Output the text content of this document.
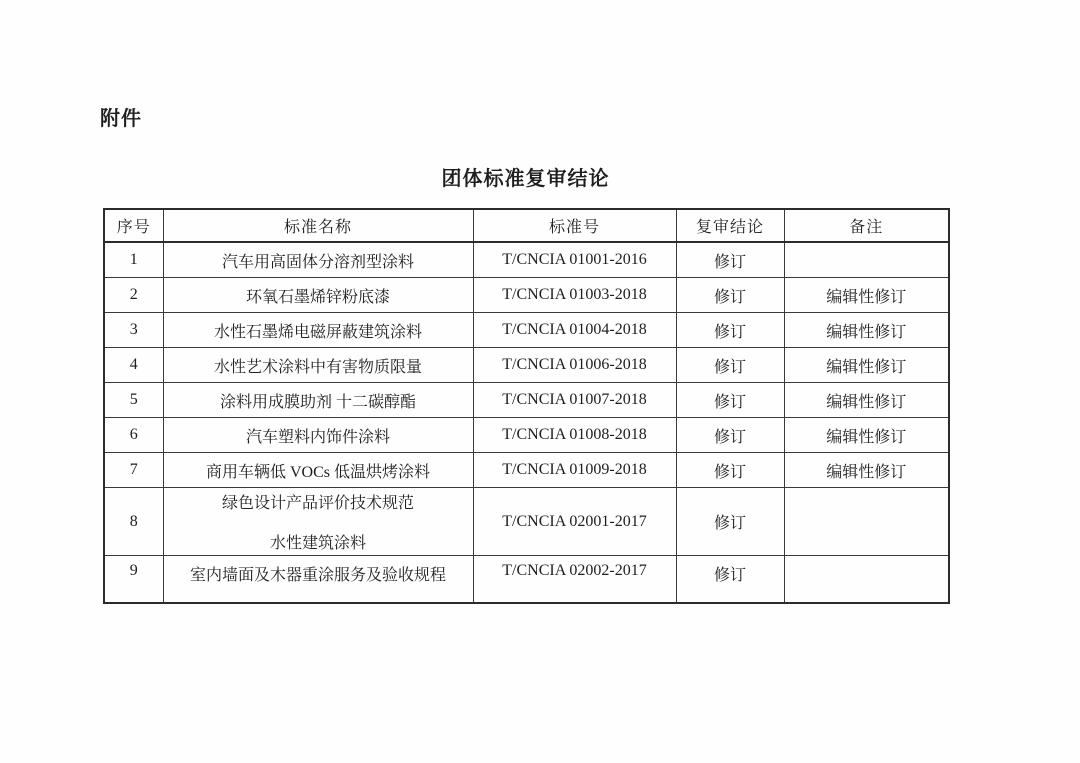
附件
团体标准复审结论
序号	标准名称	标准号	复审结论	备注
1	汽车用高固体分溶剂型涂料	T/CNCIA 01001-2016	修订	
2	环氧石墨烯锌粉底漆	T/CNCIA 01003-2018	修订	编辑性修订
3	水性石墨烯电磁屏蔽建筑涂料	T/CNCIA 01004-2018	修订	编辑性修订
4	水性艺术涂料中有害物质限量	T/CNCIA 01006-2018	修订	编辑性修订
5	涂料用成膜助剂 十二碳醇酯	T/CNCIA 01007-2018	修订	编辑性修订
6	汽车塑料内饰件涂料	T/CNCIA 01008-2018	修订	编辑性修订
7	商用车辆低 VOCs 低温烘烤涂料	T/CNCIA 01009-2018	修订	编辑性修订
8	绿色设计产品评价技术规范
水性建筑涂料	T/CNCIA 02001-2017	修订	
9	室内墙面及木器重涂服务及验收规程	T/CNCIA 02002-2017	修订	
